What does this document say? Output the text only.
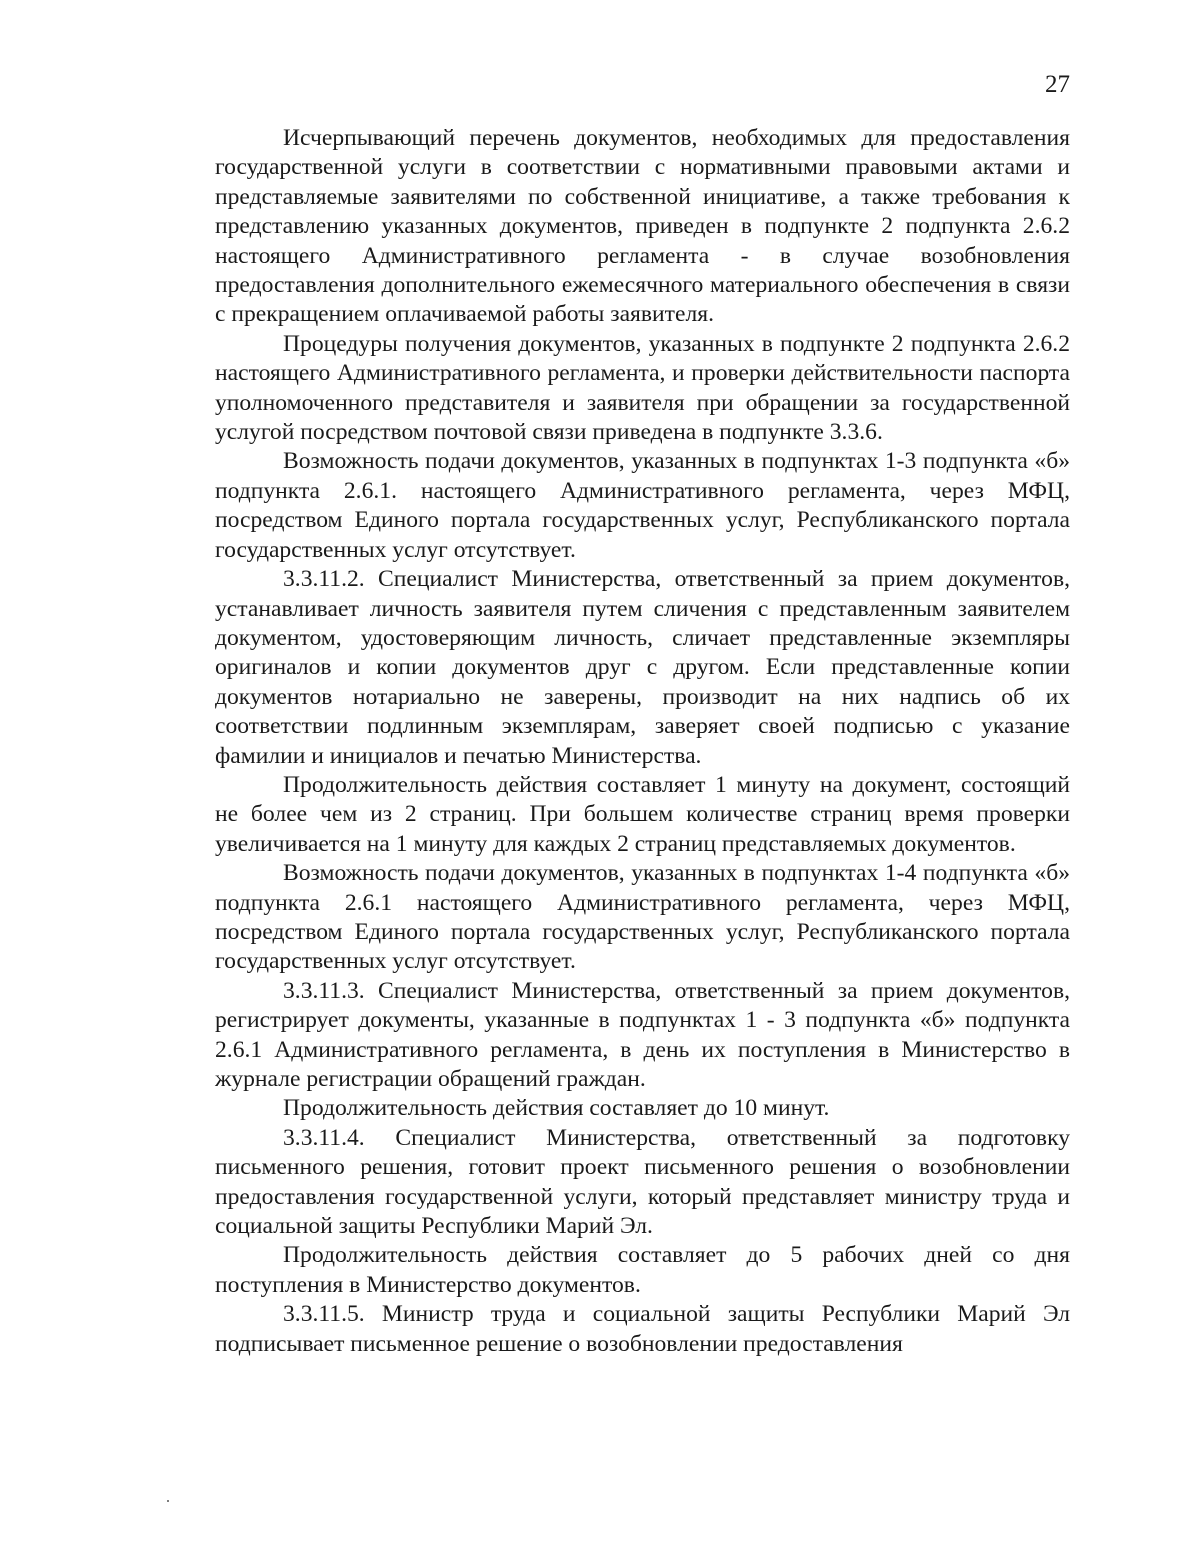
27

Исчерпывающий перечень документов, необходимых для предоставления государственной услуги в соответствии с нормативными правовыми актами и представляемые заявителями по собственной инициативе, а также требования к представлению указанных документов, приведен в подпункте 2 подпункта 2.6.2 настоящего Административного регламента - в случае возобновления предоставления дополнительного ежемесячного материального обеспечения в связи с прекращением оплачиваемой работы заявителя.

Процедуры получения документов, указанных в подпункте 2 подпункта 2.6.2 настоящего Административного регламента, и проверки действительности паспорта уполномоченного представителя и заявителя при обращении за государственной услугой посредством почтовой связи приведена в подпункте 3.3.6.

Возможность подачи документов, указанных в подпунктах 1-3 подпункта «б» подпункта 2.6.1. настоящего Административного регламента, через МФЦ, посредством Единого портала государственных услуг, Республиканского портала государственных услуг отсутствует.

3.3.11.2. Специалист Министерства, ответственный за прием документов, устанавливает личность заявителя путем сличения с представленным заявителем документом, удостоверяющим личность, сличает представленные экземпляры оригиналов и копии документов друг с другом. Если представленные копии документов нотариально не заверены, производит на них надпись об их соответствии подлинным экземплярам, заверяет своей подписью с указание фамилии и инициалов и печатью Министерства.

Продолжительность действия составляет 1 минуту на документ, состоящий не более чем из 2 страниц. При большем количестве страниц время проверки увеличивается на 1 минуту для каждых 2 страниц представляемых документов.

Возможность подачи документов, указанных в подпунктах 1-4 подпункта «б» подпункта 2.6.1 настоящего Административного регламента, через МФЦ, посредством Единого портала государственных услуг, Республиканского портала государственных услуг отсутствует.

3.3.11.3. Специалист Министерства, ответственный за прием документов, регистрирует документы, указанные в подпунктах 1 - 3 подпункта «б» подпункта 2.6.1 Административного регламента, в день их поступления в Министерство в журнале регистрации обращений граждан.

Продолжительность действия составляет до 10 минут.

3.3.11.4. Специалист Министерства, ответственный за подготовку письменного решения, готовит проект письменного решения о возобновлении предоставления государственной услуги, который представляет министру труда и социальной защиты Республики Марий Эл.

Продолжительность действия составляет до 5 рабочих дней со дня поступления в Министерство документов.

3.3.11.5. Министр труда и социальной защиты Республики Марий Эл подписывает письменное решение о возобновлении предоставления
